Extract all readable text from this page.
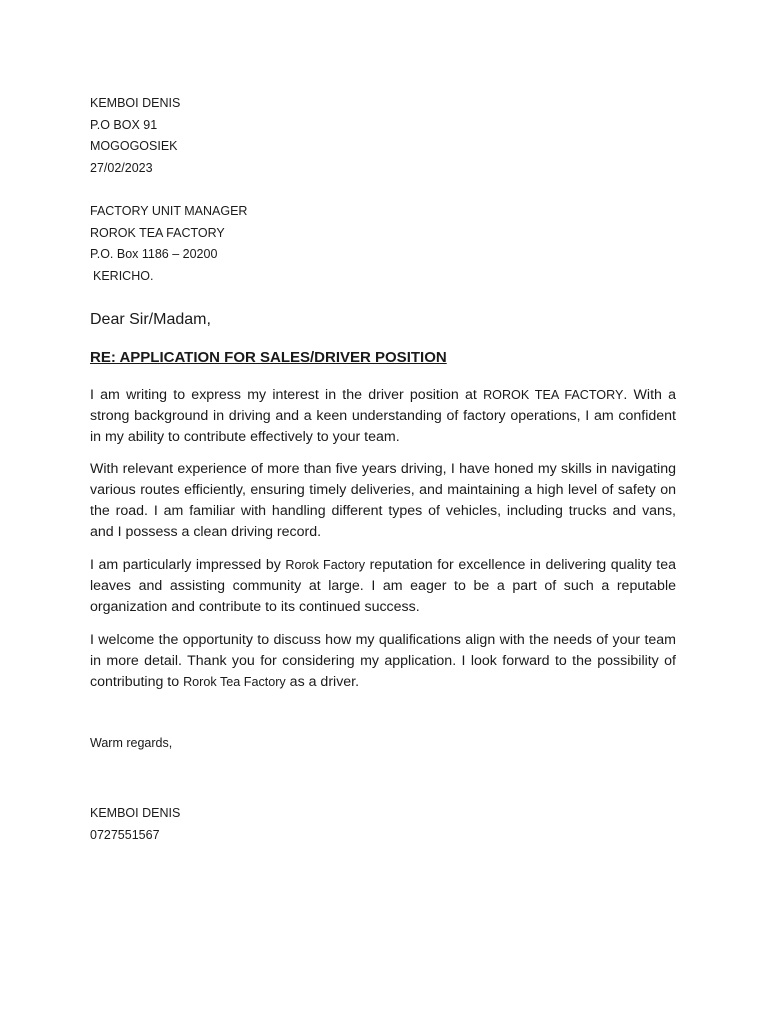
KEMBOI DENIS
P.O BOX 91
MOGOGOSIEK
27/02/2023
FACTORY UNIT MANAGER
ROROK TEA FACTORY
P.O. Box 1186 – 20200
KERICHO.
Dear Sir/Madam,
RE: APPLICATION FOR SALES/DRIVER POSITION
I am writing to express my interest in the driver position at ROROK TEA FACTORY. With a strong background in driving and a keen understanding of factory operations, I am confident in my ability to contribute effectively to your team.
With relevant experience of more than five years driving, I have honed my skills in navigating various routes efficiently, ensuring timely deliveries, and maintaining a high level of safety on the road. I am familiar with handling different types of vehicles, including trucks and vans, and I possess a clean driving record.
I am particularly impressed by Rorok Factory reputation for excellence in delivering quality tea leaves and assisting community at large. I am eager to be a part of such a reputable organization and contribute to its continued success.
I welcome the opportunity to discuss how my qualifications align with the needs of your team in more detail. Thank you for considering my application. I look forward to the possibility of contributing to Rorok Tea Factory as a driver.
Warm regards,
KEMBOI DENIS
0727551567
